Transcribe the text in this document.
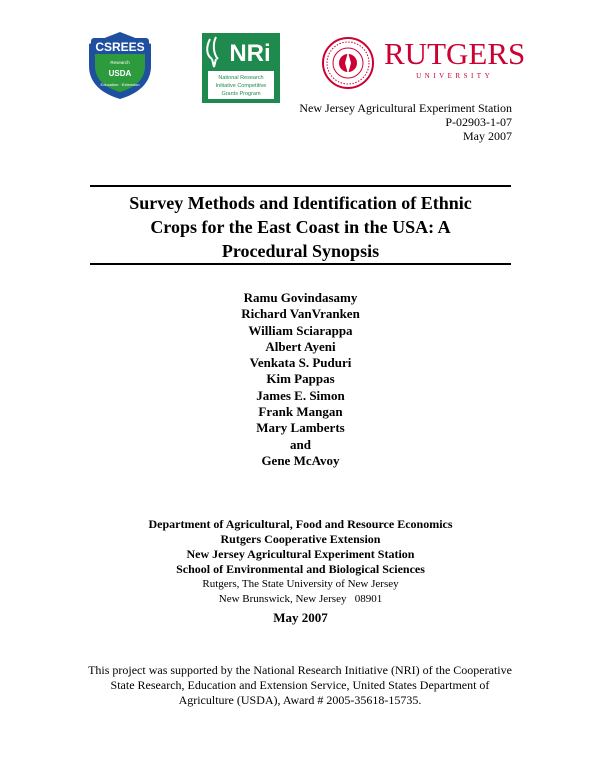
CSREES
USDA
Research
Education · Extension
NRi
National Research
Initiative Competitive
Grants Program
RUTGERS
UNIVERSITY
New Jersey Agricultural Experiment Station
P-02903-1-07
May 2007
Survey Methods and Identification of Ethnic
Crops for the East Coast in the USA: A
Procedural Synopsis
Ramu Govindasamy
Richard VanVranken
William Sciarappa
Albert Ayeni
Venkata S. Puduri
Kim Pappas
James E. Simon
Frank Mangan
Mary Lamberts
and
Gene McAvoy
Department of Agricultural, Food and Resource Economics
Rutgers Cooperative Extension
New Jersey Agricultural Experiment Station
School of Environmental and Biological Sciences
Rutgers, The State University of New Jersey
New Brunswick, New Jersey   08901
May 2007
This project was supported by the National Research Initiative (NRI) of the Cooperative
State Research, Education and Extension Service, United States Department of
Agriculture (USDA), Award # 2005-35618-15735.
